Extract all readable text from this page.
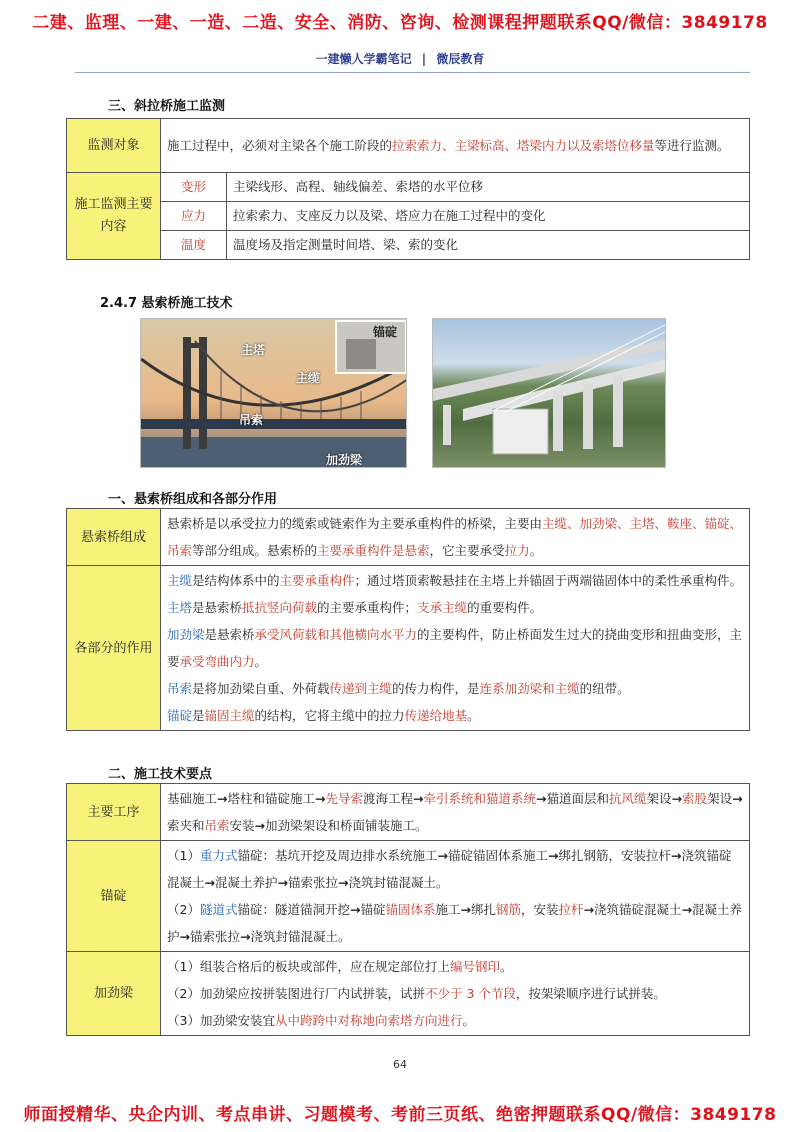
二建、监理、一建、一造、二造、安全、消防、咨询、检测课程押题联系QQ/微信：3849178
一建懒人学霸笔记 | 微辰教育
三、斜拉桥施工监测
监测对象	施工过程中，必须对主梁各个施工阶段的拉索索力、主梁标高、塔梁内力以及索塔位移量等进行监测。	
施工监测主要内容	变形	主梁线形、高程、轴线偏差、索塔的水平位移
	应力	拉索索力、支座反力以及梁、塔应力在施工过程中的变化
	温度	温度场及指定测量时间塔、梁、索的变化
2.4.7 悬索桥施工技术
主塔
主缆
吊索
加劲梁
锚碇
一、悬索桥组成和各部分作用
悬索桥组成	悬索桥是以承受拉力的缆索或链索作为主要承重构件的桥梁，主要由主缆、加劲梁、主塔、鞍座、锚碇、吊索等部分组成。悬索桥的主要承重构件是悬索，它主要承受拉力。
各部分的作用	主缆是结构体系中的主要承重构件；通过塔顶索鞍悬挂在主塔上并锚固于两端锚固体中的柔性承重构件。
主塔是悬索桥抵抗竖向荷载的主要承重构件；支承主缆的重要构件。
加劲梁是悬索桥承受风荷载和其他横向水平力的主要构件，防止桥面发生过大的挠曲变形和扭曲变形，主要承受弯曲内力。
吊索是将加劲梁自重、外荷载传递到主缆的传力构件，是连系加劲梁和主缆的纽带。
锚碇是锚固主缆的结构，它将主缆中的拉力传递给地基。
二、施工技术要点
主要工序	基础施工→塔柱和锚碇施工→先导索渡海工程→牵引系统和猫道系统→猫道面层和抗风缆架设→索股架设→索夹和吊索安装→加劲梁架设和桥面铺装施工。
锚碇	（1）重力式锚碇：基坑开挖及周边排水系统施工→锚碇锚固体系施工→绑扎钢筋，安装拉杆→浇筑锚碇混凝土→混凝土养护→锚索张拉→浇筑封锚混凝土。
（2）隧道式锚碇：隧道锚洞开挖→锚碇锚固体系施工→绑扎钢筋，安装拉杆→浇筑锚碇混凝土→混凝土养护→锚索张拉→浇筑封锚混凝土。

加劲梁	（1）组装合格后的板块或部件，应在规定部位打上编号钢印。
（2）加劲梁应按拼装图进行厂内试拼装，试拼不少于 3 个节段，按架梁顺序进行试拼装。
（3）加劲梁安装宜从中跨跨中对称地向索塔方向进行。
64
师面授精华、央企内训、考点串讲、习题模考、考前三页纸、绝密押题联系QQ/微信：3849178
